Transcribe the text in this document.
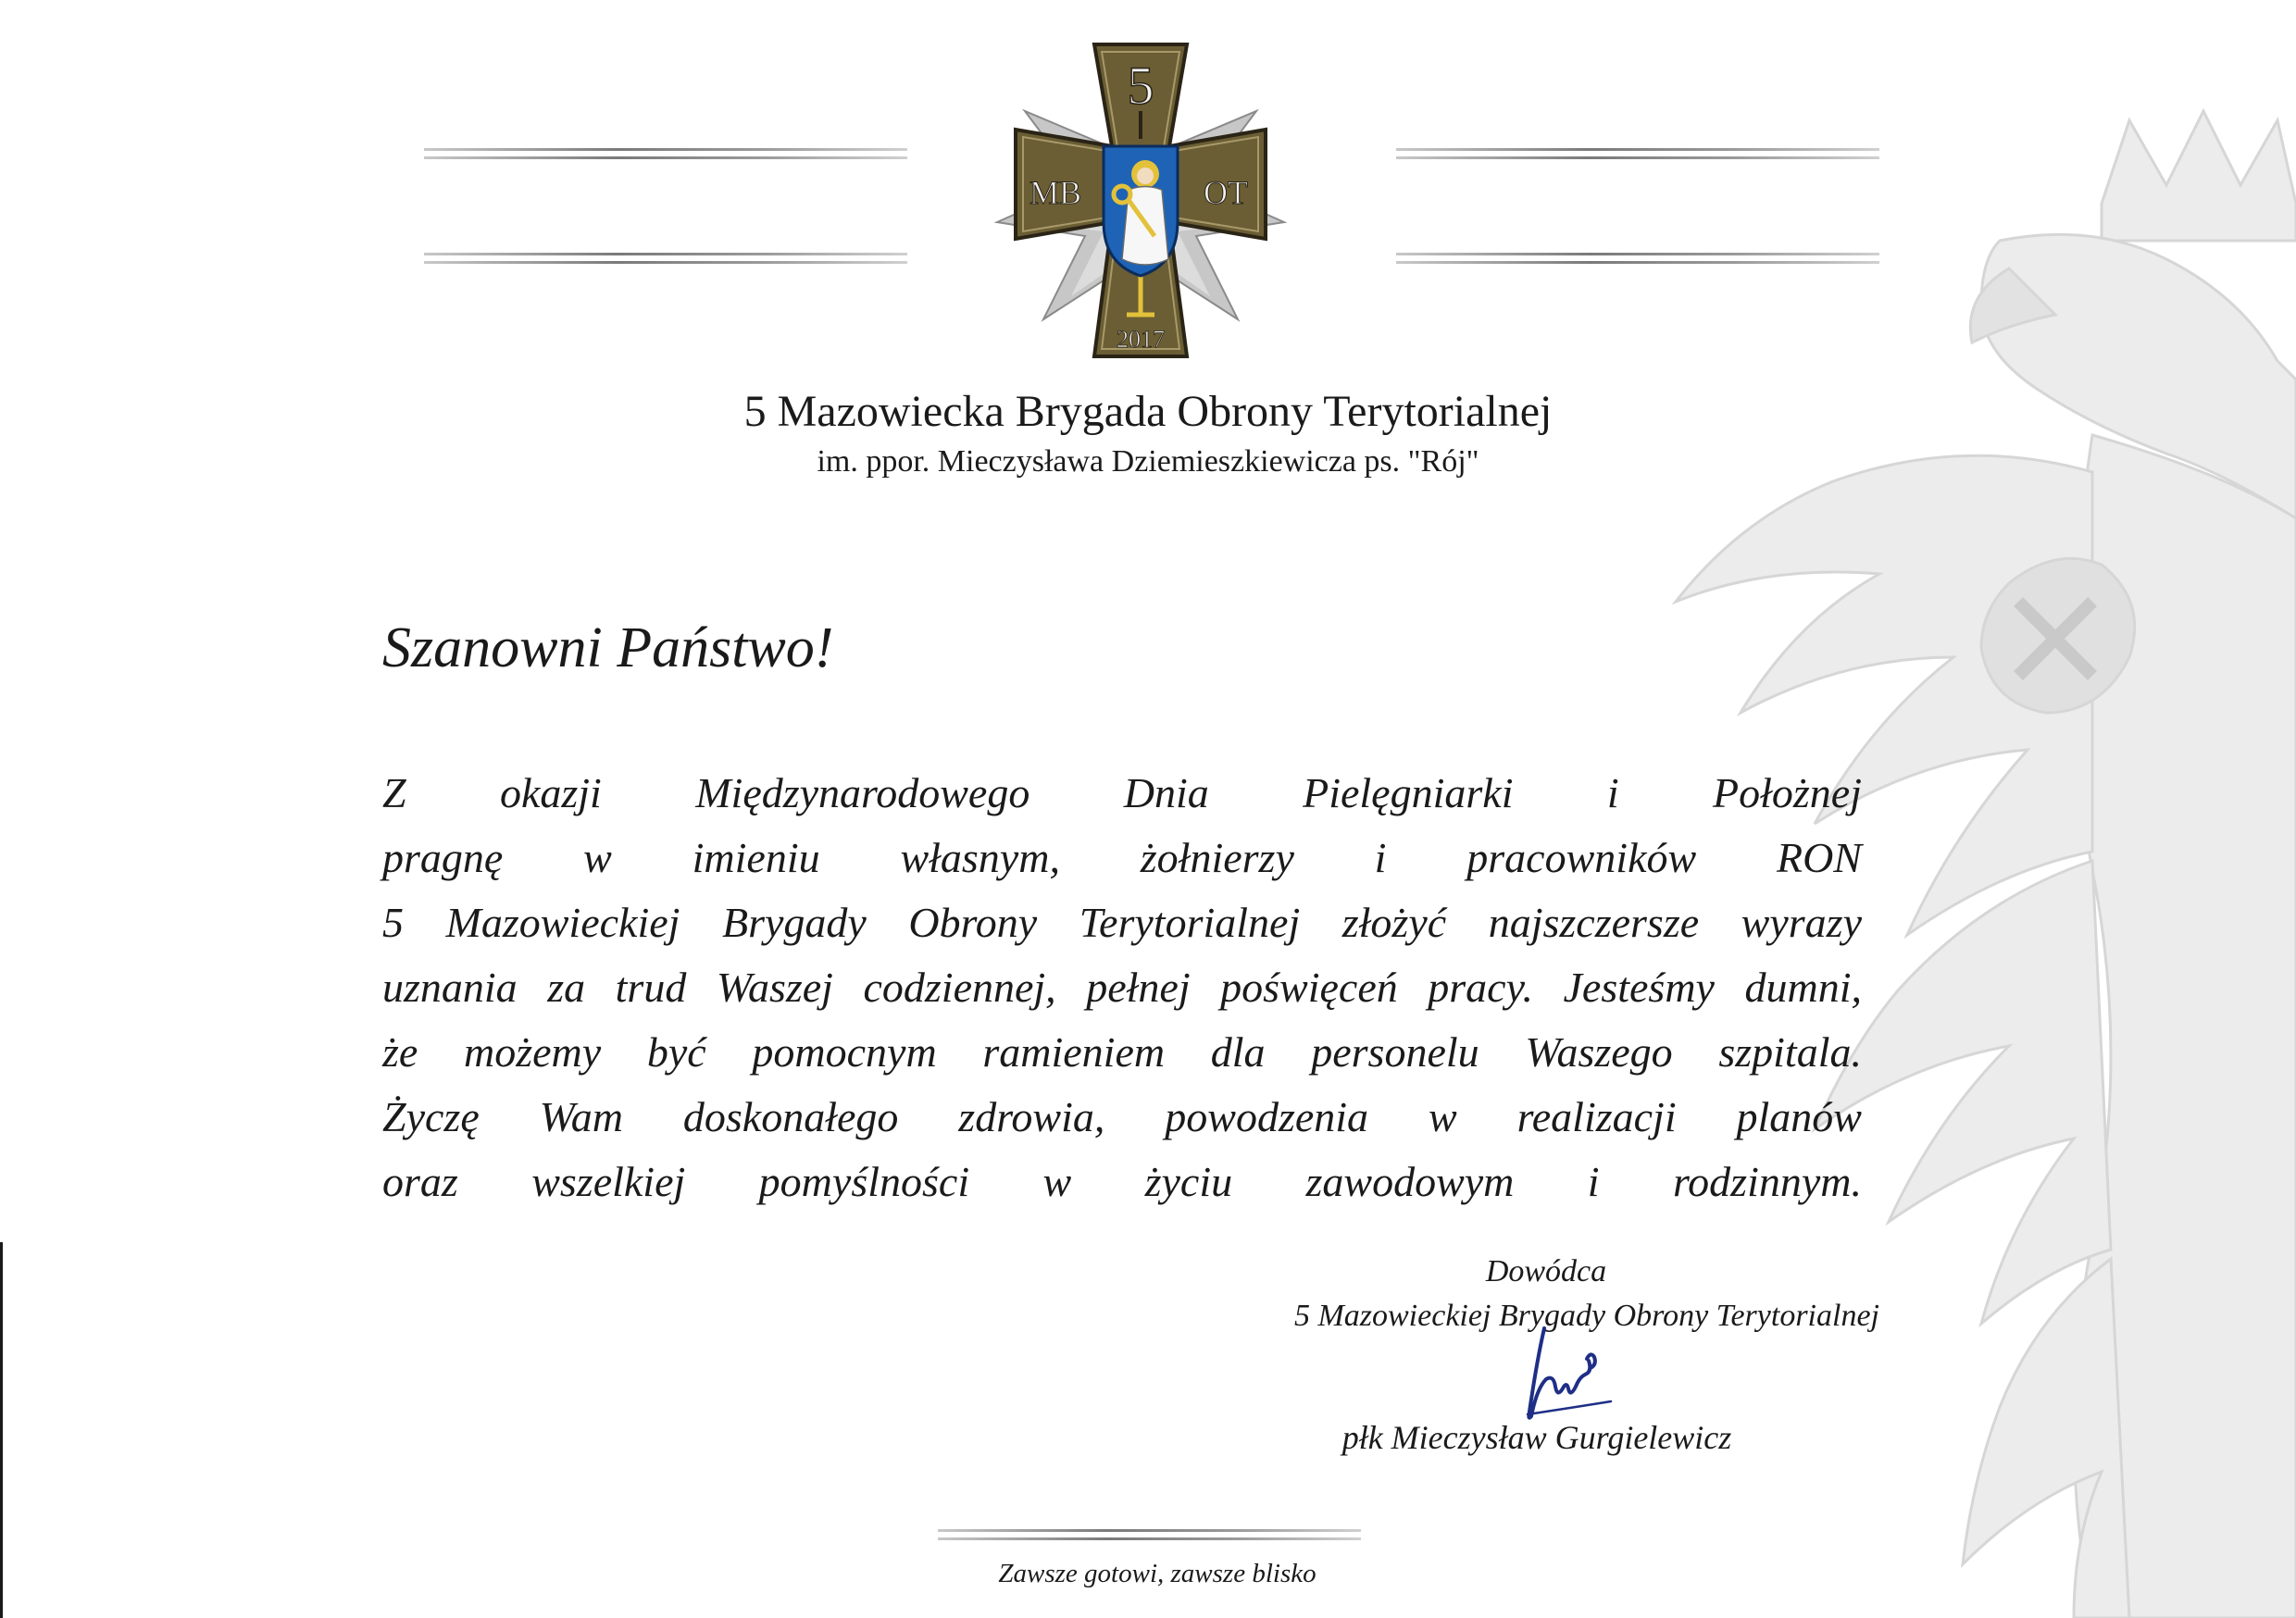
5
MB	OT
2017
5 Mazowiecka Brygada Obrony Terytorialnej
im. ppor. Mieczysława Dziemieszkiewicza ps. "Rój"
Szanowni Państwo!
Z okazji Międzynarodowego Dnia Pielęgniarki i Położnej
pragnę w imieniu własnym, żołnierzy i pracowników RON
5 Mazowieckiej Brygady Obrony Terytorialnej złożyć najszczersze wyrazy
uznania za trud Waszej codziennej, pełnej poświęceń pracy. Jesteśmy dumni,
że możemy być pomocnym ramieniem dla personelu Waszego szpitala.
Życzę Wam doskonałego zdrowia, powodzenia w realizacji planów
oraz wszelkiej pomyślności w życiu zawodowym i rodzinnym.
Dowódca
5 Mazowieckiej Brygady Obrony Terytorialnej
płk Mieczysław Gurgielewicz
Zawsze gotowi, zawsze blisko
